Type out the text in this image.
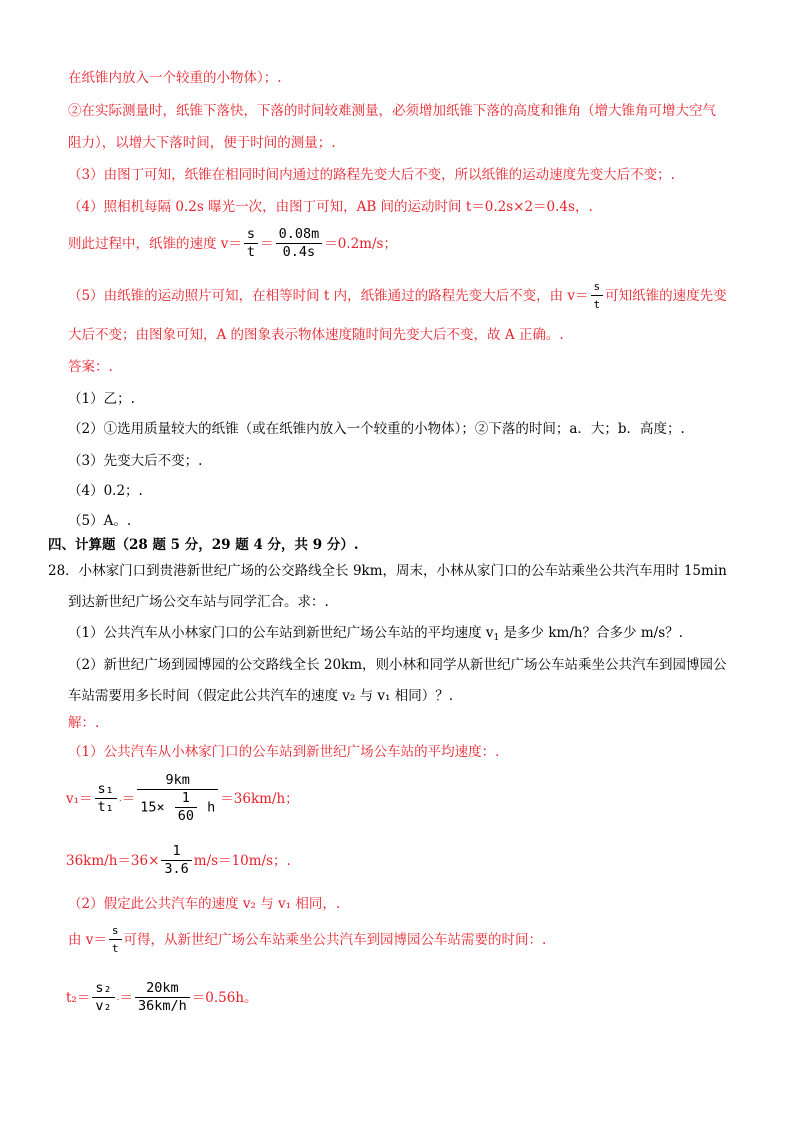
在纸锥内放入一个较重的小物体）；.
②在实际测量时，纸锥下落快，下落的时间较难测量，必须增加纸锥下落的高度和锥角（增大锥角可增大空气
阻力），以增大下落时间，便于时间的测量；.
（3）由图丁可知，纸锥在相同时间内通过的路程先变大后不变，所以纸锥的运动速度先变大后不变；.
（4）照相机每隔 0.2s 曝光一次，由图丁可知，AB 间的运动时间 t＝0.2s×2＝0.4s，.
则此过程中，纸锥的速度 $v= \frac{s}{t} = \frac{0.08m}{0.4s} =0.2m/s$；
（5）由纸锥的运动照片可知，在相等时间 t 内，纸锥通过的路程先变大后不变，由 $v= \frac{s}{t}$ 可知纸锥的速度先变
大后不变；由图象可知，A 的图象表示物体速度随时间先变大后不变，故 A 正确。.
答案：.
（1）乙；.
（2）①选用质量较大的纸锥（或在纸锥内放入一个较重的小物体）；②下落的时间；a．大；b．高度；.
（3）先变大后不变；.
（4）0.2；.
（5）A。.
四、计算题（28 题 5 分，29 题 4 分，共 9 分）.
28．小林家门口到贵港新世纪广场的公交路线全长 9km，周末，小林从家门口的公车站乘坐公共汽车用时 15min
到达新世纪广场公交车站与同学汇合。求：.
（1）公共汽车从小林家门口的公车站到新世纪广场公车站的平均速度 $v_1$ 是多少 km/h？合多少 m/s？.
（2）新世纪广场到园博园的公交路线全长 20km，则小林和同学从新世纪广场公车站乘坐公共汽车到园博园公
车站需要用多长时间（假定此公共汽车的速度 v₂ 与 v₁ 相同）？.
解：.
（1）公共汽车从小林家门口的公车站到新世纪广场公车站的平均速度：.
$v_1= \frac{\text{s₁}}{\text{t₁}}$ . ＝ $\frac{9km}{15\times \frac{1}{60} h} =36km/h$；
$36km/h=36\times \frac{1}{3.6} m/s=10m/s$；.
（2）假定此公共汽车的速度 v₂ 与 v₁ 相同，.
由 $v= \frac{s}{t}$ 可得，从新世纪广场公车站乘坐公共汽车到园博园公车站需要的时间：.
$t_2= \frac{\text{s₂}}{\text{v₂}}$ . ＝ $\frac{20km}{36km/h} =0.56h$。
